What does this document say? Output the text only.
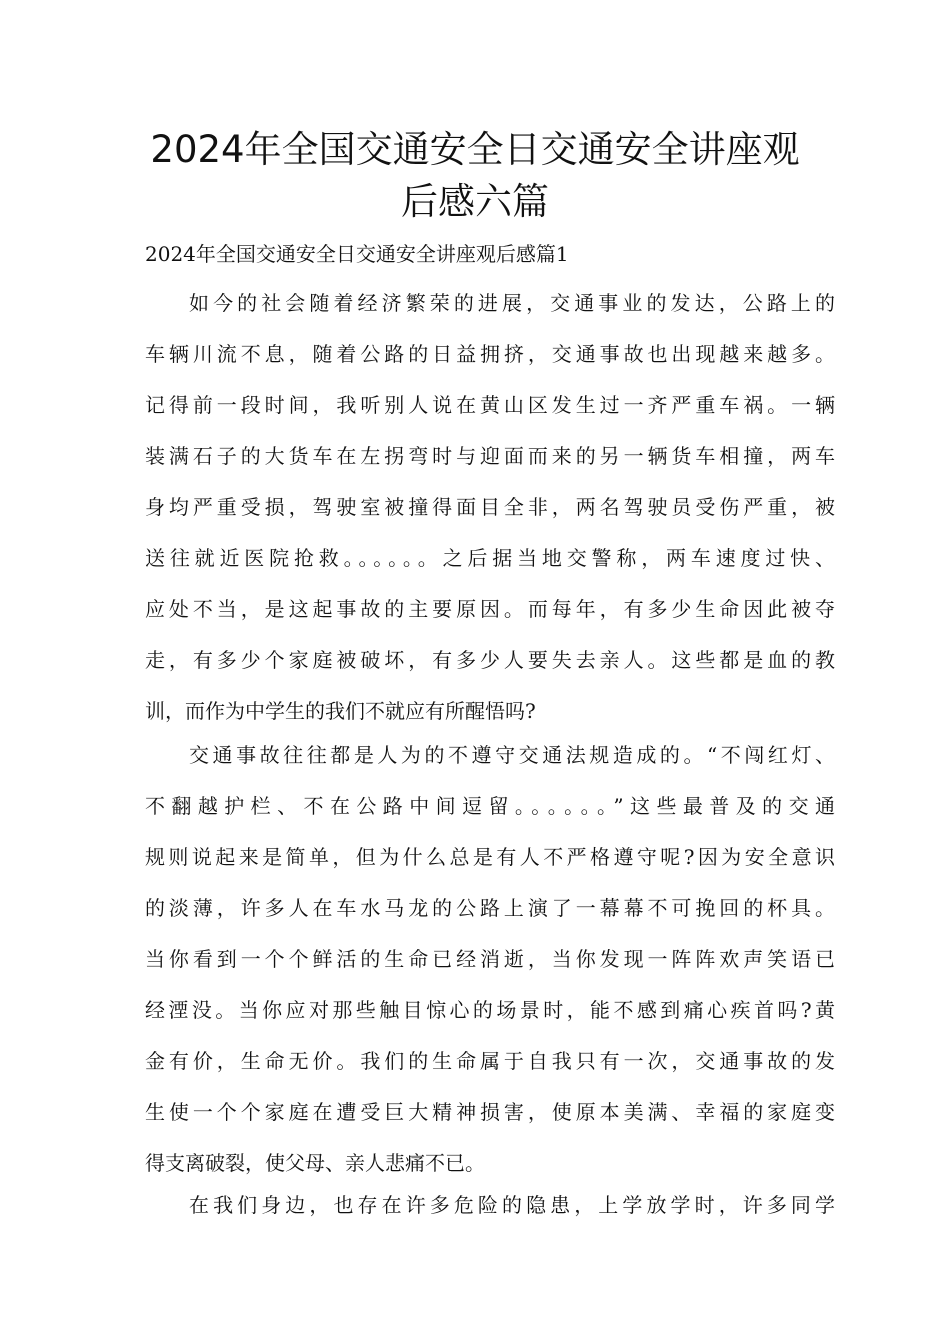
2024年全国交通安全日交通安全讲座观
后感六篇
2024年全国交通安全日交通安全讲座观后感篇1
如今的社会随着经济繁荣的进展，交通事业的发达，公路上的
车辆川流不息，随着公路的日益拥挤，交通事故也出现越来越多。
记得前一段时间，我听别人说在黄山区发生过一齐严重车祸。一辆
装满石子的大货车在左拐弯时与迎面而来的另一辆货车相撞，两车
身均严重受损，驾驶室被撞得面目全非，两名驾驶员受伤严重，被
送往就近医院抢救。。。。。。之后据当地交警称，两车速度过快、
应处不当，是这起事故的主要原因。而每年，有多少生命因此被夺
走，有多少个家庭被破坏，有多少人要失去亲人。这些都是血的教
训，而作为中学生的我们不就应有所醒悟吗?
交通事故往往都是人为的不遵守交通法规造成的。“不闯红灯、
不翻越护栏、不在公路中间逗留。。。。。。”这些最普及的交通
规则说起来是简单，但为什么总是有人不严格遵守呢?因为安全意识
的淡薄，许多人在车水马龙的公路上演了一幕幕不可挽回的杯具。
当你看到一个个鲜活的生命已经消逝，当你发现一阵阵欢声笑语已
经湮没。当你应对那些触目惊心的场景时，能不感到痛心疾首吗?黄
金有价，生命无价。我们的生命属于自我只有一次，交通事故的发
生使一个个家庭在遭受巨大精神损害，使原本美满、幸福的家庭变
得支离破裂，使父母、亲人悲痛不已。
在我们身边，也存在许多危险的隐患，上学放学时，许多同学
